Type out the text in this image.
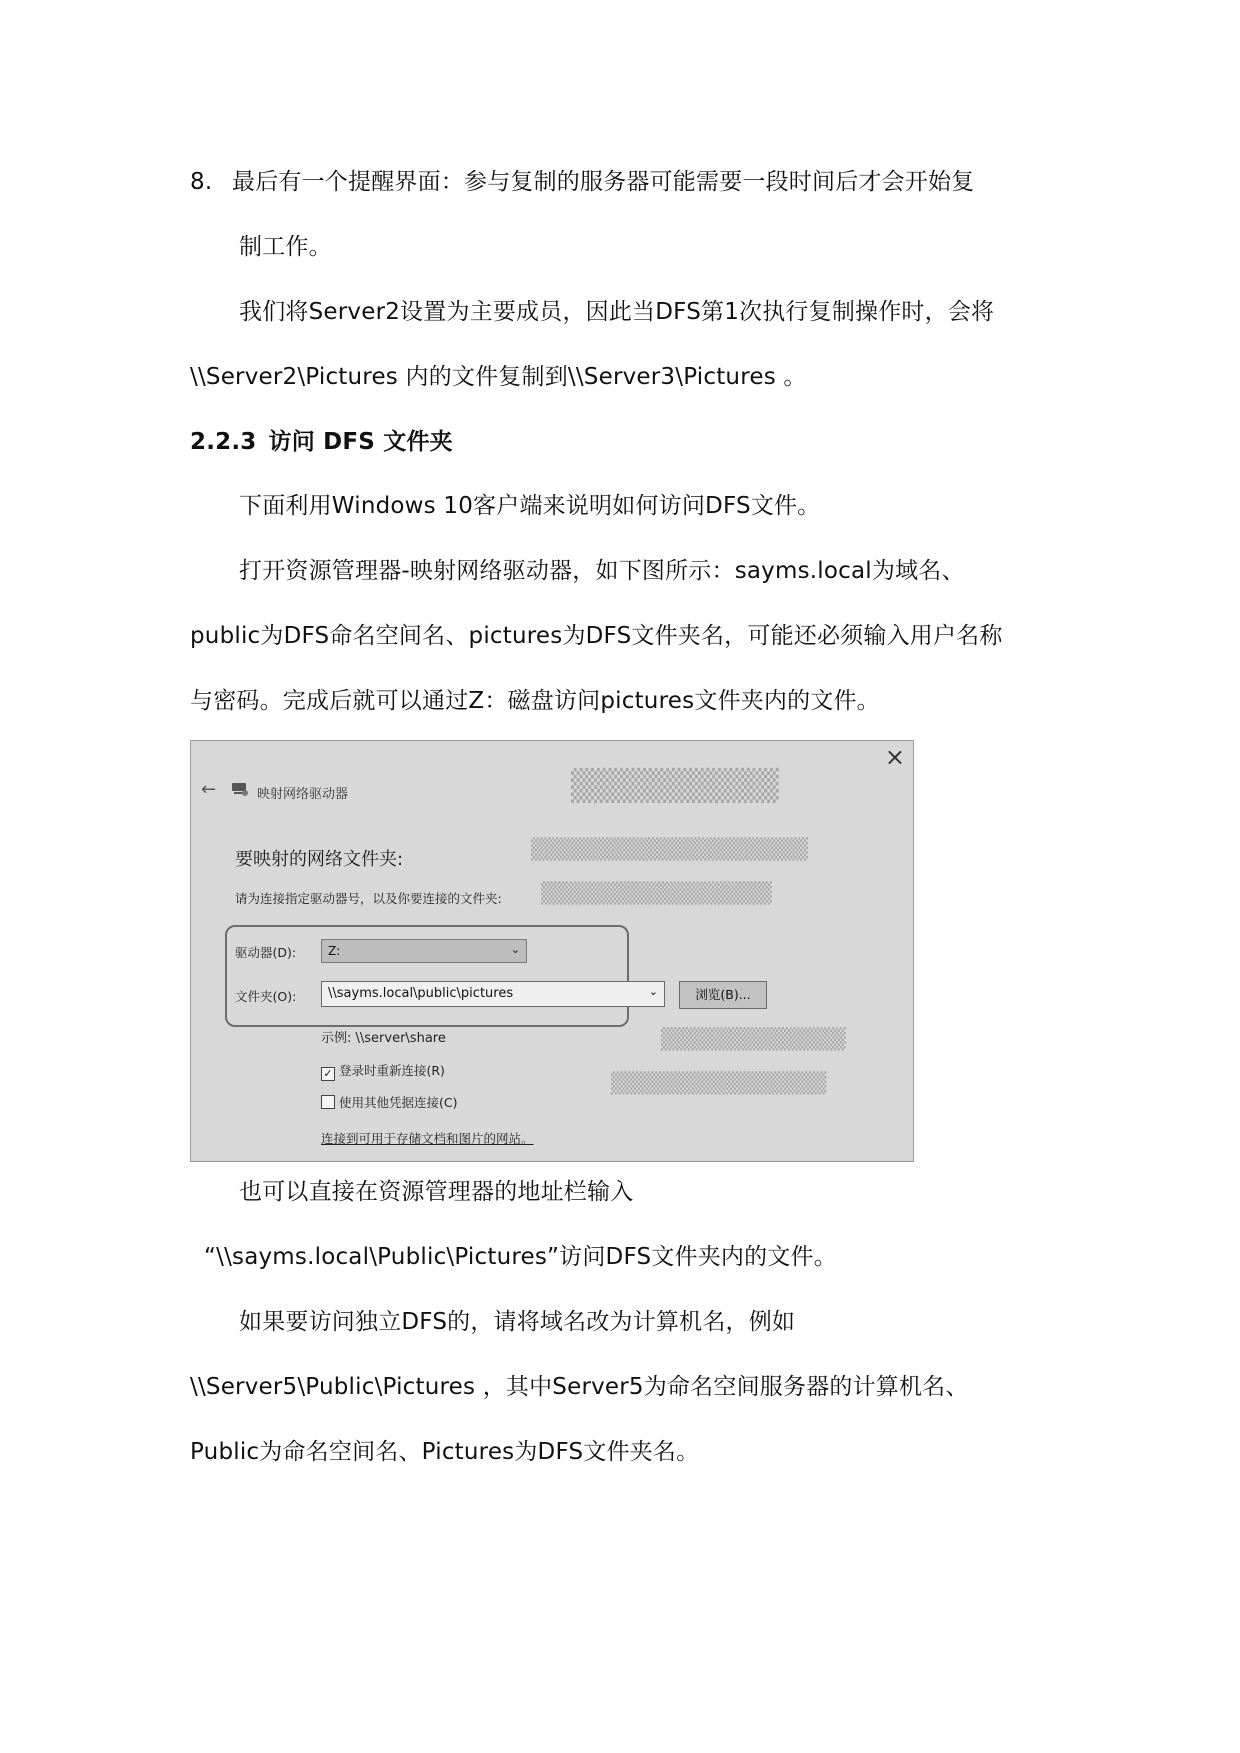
8. 最后有一个提醒界面：参与复制的服务器可能需要一段时间后才会开始复
制工作。
我们将Server2设置为主要成员，因此当DFS第1次执行复制操作时，会将
\\Server2\Pictures 内的文件复制到\\Server3\Pictures 。
2.2.3 访问 DFS 文件夹
下面利用Windows 10客户端来说明如何访问DFS文件。
打开资源管理器-映射网络驱动器，如下图所示：sayms.local为域名、
public为DFS命名空间名、pictures为DFS文件夹名，可能还必须输入用户名称
与密码。完成后就可以通过Z：磁盘访问pictures文件夹内的文件。
▒▒▒▒▒▒▒▒▒
▒▒▒▒▒▒▒▒▒▒▒▒▒▒▒▒▒▒
▒▒▒▒▒▒▒▒▒▒▒▒▒▒▒
▒▒▒▒▒▒▒▒▒▒▒▒
▒▒▒▒▒▒▒▒▒▒▒▒▒▒
×
←	映射网络驱动器
要映射的网络文件夹:
请为连接指定驱动器号，以及你要连接的文件夹:
驱动器(D):	Z:	⌄
文件夹(O):	\\sayms.local\public\pictures	⌄	浏览(B)...
示例: \\server\share
✓ 登录时重新连接(R)
使用其他凭据连接(C)
连接到可用于存储文档和图片的网站。
也可以直接在资源管理器的地址栏输入
“\\sayms.local\Public\Pictures”访问DFS文件夹内的文件。
如果要访问独立DFS的，请将域名改为计算机名，例如
\\Server5\Public\Pictures ，其中Server5为命名空间服务器的计算机名、
Public为命名空间名、Pictures为DFS文件夹名。
